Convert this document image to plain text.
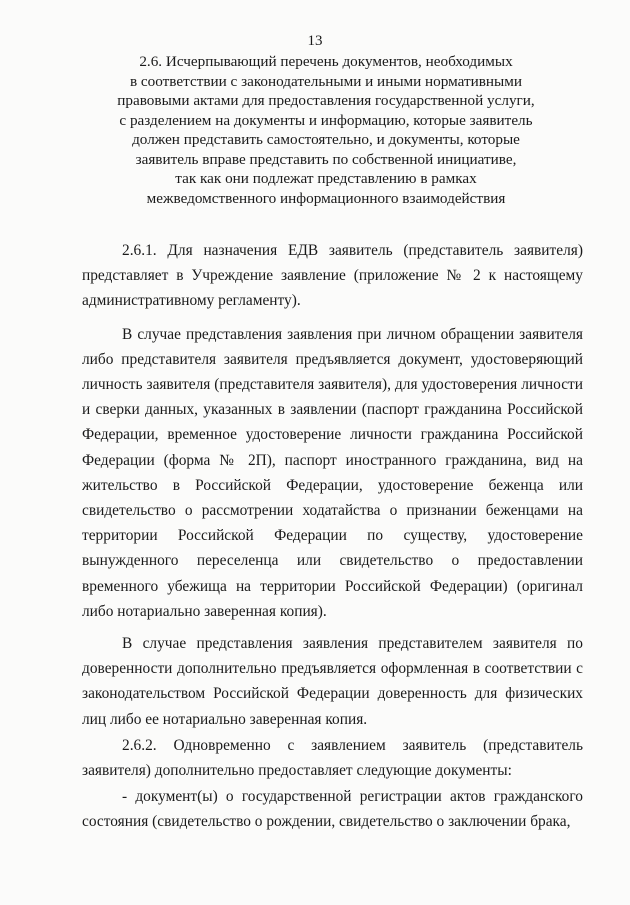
13
2.6. Исчерпывающий перечень документов, необходимых
в соответствии с законодательными и иными нормативными
правовыми актами для предоставления государственной услуги,
с разделением на документы и информацию, которые заявитель
должен представить самостоятельно, и документы, которые
заявитель вправе представить по собственной инициативе,
так как они подлежат представлению в рамках
межведомственного информационного взаимодействия

2.6.1. Для назначения ЕДВ заявитель (представитель заявителя) представляет в Учреждение заявление (приложение № 2 к настоящему административному регламенту).

В случае представления заявления при личном обращении заявителя либо представителя заявителя предъявляется документ, удостоверяющий личность заявителя (представителя заявителя), для удостоверения личности и сверки данных, указанных в заявлении (паспорт гражданина Российской Федерации, временное удостоверение личности гражданина Российской Федерации (форма № 2П), паспорт иностранного гражданина, вид на жительство в Российской Федерации, удостоверение беженца или свидетельство о рассмотрении ходатайства о признании беженцами на территории Российской Федерации по существу, удостоверение вынужденного переселенца или свидетельство о предоставлении временного убежища на территории Российской Федерации) (оригинал либо нотариально заверенная копия).

В случае представления заявления представителем заявителя по доверенности дополнительно предъявляется оформленная в соответствии с законодательством Российской Федерации доверенность для физических лиц либо ее нотариально заверенная копия.

2.6.2. Одновременно с заявлением заявитель (представитель заявителя) дополнительно предоставляет следующие документы:

- документ(ы) о государственной регистрации актов гражданского состояния (свидетельство о рождении, свидетельство о заключении брака,
